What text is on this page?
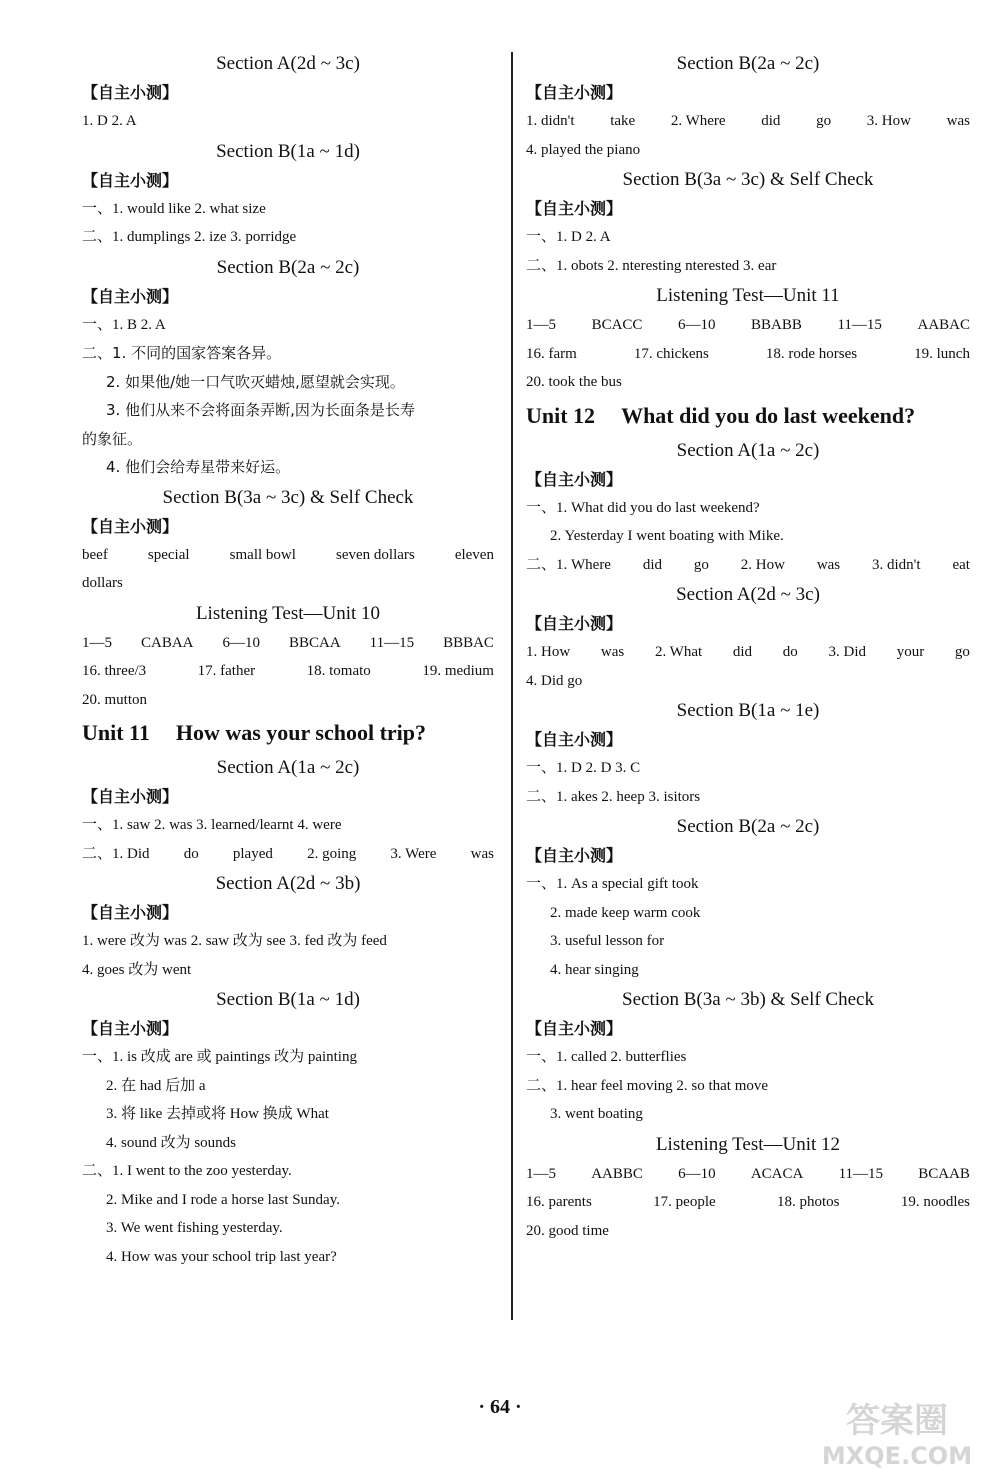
Section A(2d ~ 3c)
【自主小测】
1. D 2. A
Section B(1a ~ 1d)
【自主小测】
一、1. would like 2. what size
二、1. dumplings 2. ize 3. porridge
Section B(2a ~ 2c)
【自主小测】
一、1. B 2. A
二、1. 不同的国家答案各异。
2. 如果他/她一口气吹灭蜡烛,愿望就会实现。
3. 他们从来不会将面条弄断,因为长面条是长寿
的象征。
4. 他们会给寿星带来好运。
Section B(3a ~ 3c) & Self Check
【自主小测】
beef	special	small bowl	seven dollars	eleven
dollars
Listening Test—Unit 10
1—5 CABAA 6—10 BBCAA 11—15 BBBAC
16. three/3	17. father	18. tomato	19. medium
20. mutton
Unit 11 How was your school trip?
Section A(1a ~ 2c)
【自主小测】
一、1. saw 2. was 3. learned/learnt 4. were
二、1. Did do played 2. going 3. Were was
Section A(2d ~ 3b)
【自主小测】
1. were 改为 was 2. saw 改为 see 3. fed 改为 feed
4. goes 改为 went
Section B(1a ~ 1d)
【自主小测】
一、1. is 改成 are 或 paintings 改为 painting
2. 在 had 后加 a
3. 将 like 去掉或将 How 换成 What
4. sound 改为 sounds
二、1. I went to the zoo yesterday.
2. Mike and I rode a horse last Sunday.
3. We went fishing yesterday.
4. How was your school trip last year?
Section B(2a ~ 2c)
【自主小测】
1. didn't take 2. Where did go 3. How was
4. played the piano
Section B(3a ~ 3c) & Self Check
【自主小测】
一、1. D 2. A
二、1. obots 2. nteresting nterested 3. ear
Listening Test—Unit 11
1—5 BCACC 6—10 BBABB 11—15 AABAC
16. farm	17. chickens	18. rode horses	19. lunch
20. took the bus
Unit 12 What did you do last weekend?
Section A(1a ~ 2c)
【自主小测】
一、1. What did you do last weekend?
2. Yesterday I went boating with Mike.
二、1. Where did go 2. How was 3. didn't eat
Section A(2d ~ 3c)
【自主小测】
1. How was 2. What did do 3. Did your go
4. Did go
Section B(1a ~ 1e)
【自主小测】
一、1. D 2. D 3. C
二、1. akes 2. heep 3. isitors
Section B(2a ~ 2c)
【自主小测】
一、1. As a special gift took
2. made keep warm cook
3. useful lesson for
4. hear singing
Section B(3a ~ 3b) & Self Check
【自主小测】
一、1. called 2. butterflies
二、1. hear feel moving 2. so that move
3. went boating
Listening Test—Unit 12
1—5 AABBC 6—10 ACACA 11—15 BCAAB
16. parents	17. people	18. photos	19. noodles
20. good time
· 64 ·	答案圈
MXQE.COM
